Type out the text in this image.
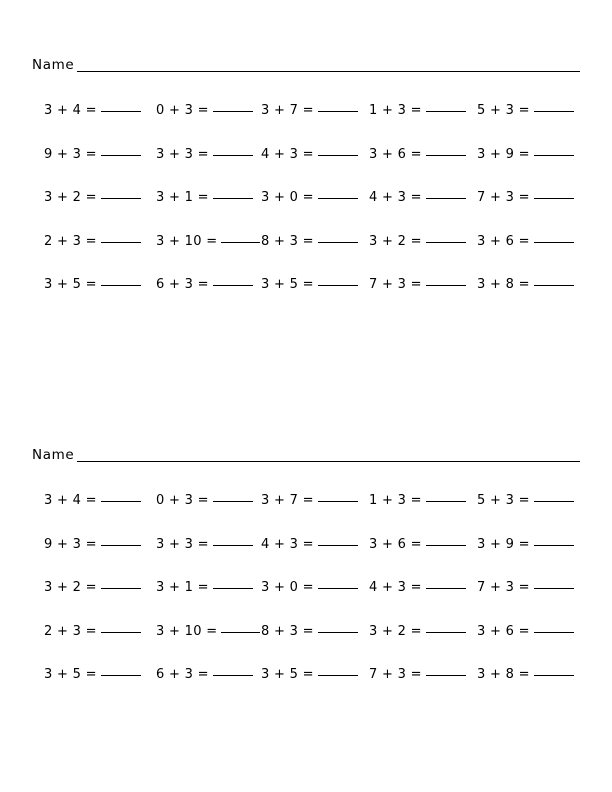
Name
3 + 4 =	0 + 3 =	3 + 7 =	1 + 3 =	5 + 3 =
9 + 3 =	3 + 3 =	4 + 3 =	3 + 6 =	3 + 9 =
3 + 2 =	3 + 1 =	3 + 0 =	4 + 3 =	7 + 3 =
2 + 3 =	3 + 10 =	8 + 3 =	3 + 2 =	3 + 6 =
3 + 5 =	6 + 3 =	3 + 5 =	7 + 3 =	3 + 8 =
Name
3 + 4 =	0 + 3 =	3 + 7 =	1 + 3 =	5 + 3 =
9 + 3 =	3 + 3 =	4 + 3 =	3 + 6 =	3 + 9 =
3 + 2 =	3 + 1 =	3 + 0 =	4 + 3 =	7 + 3 =
2 + 3 =	3 + 10 =	8 + 3 =	3 + 2 =	3 + 6 =
3 + 5 =	6 + 3 =	3 + 5 =	7 + 3 =	3 + 8 =
